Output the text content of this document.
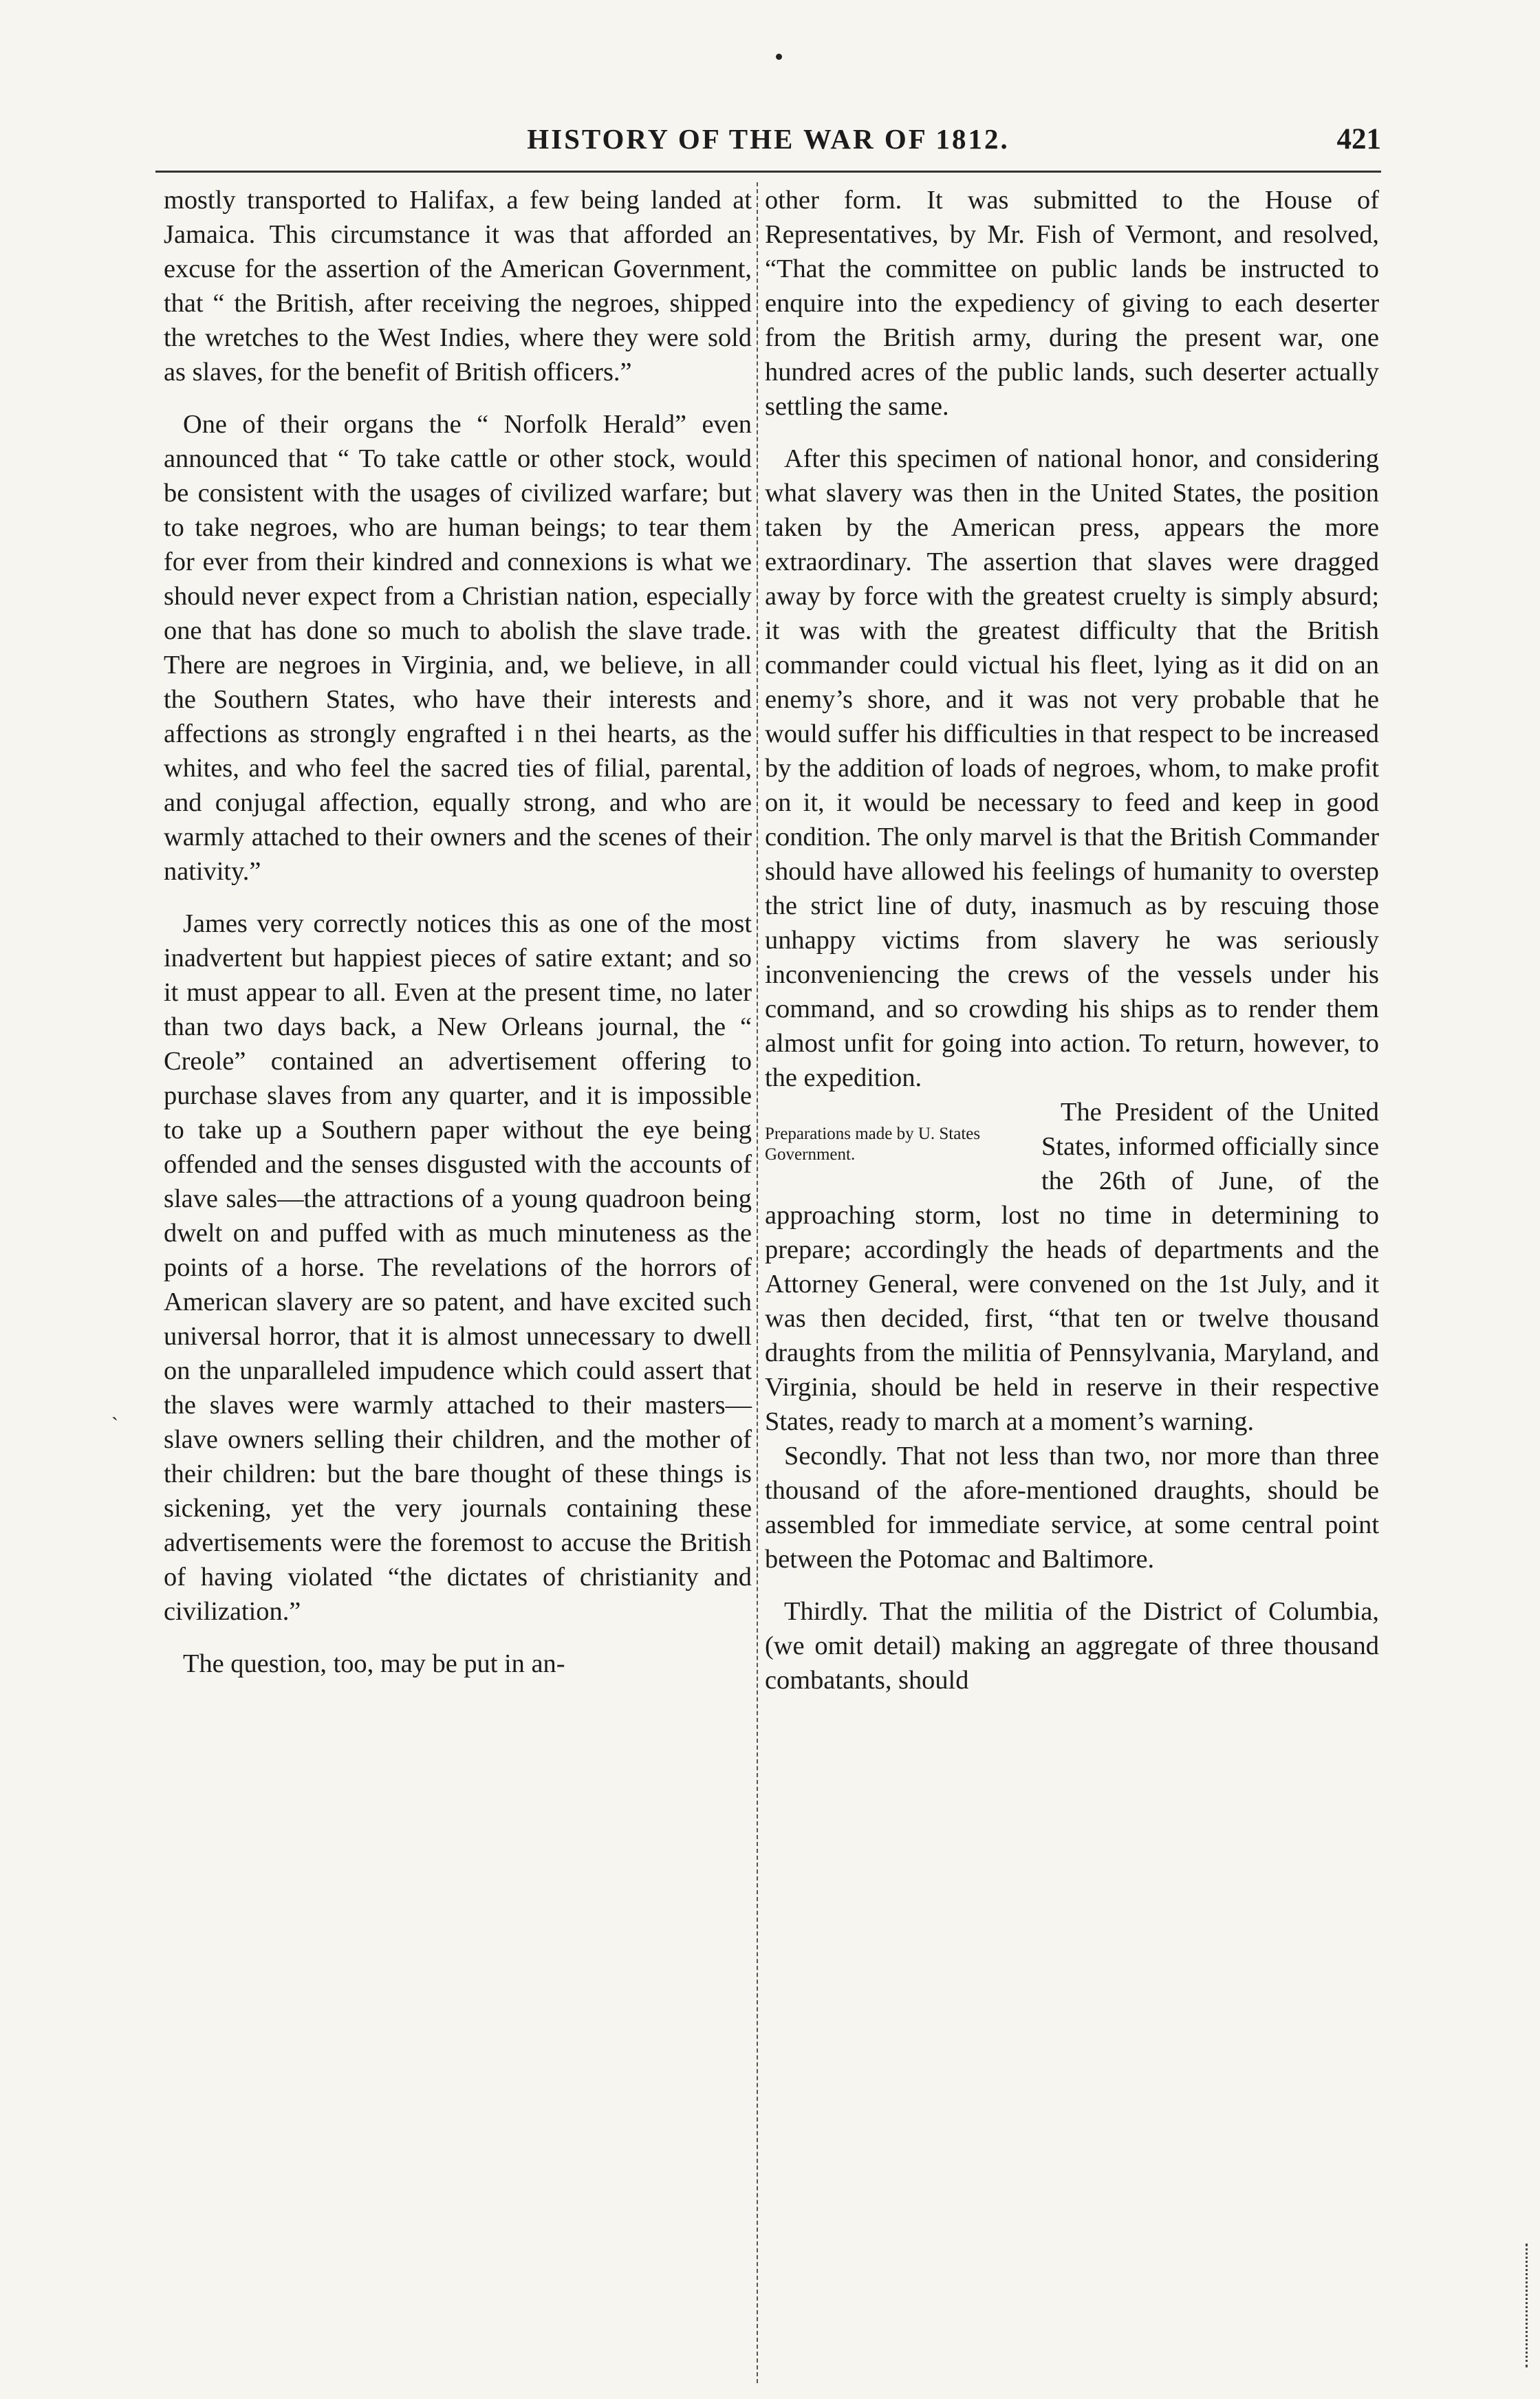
HISTORY OF THE WAR OF 1812.	421

mostly transported to Halifax, a few being landed at Jamaica. This circumstance it was that afforded an excuse for the assertion of the American Government, that “ the British, after receiving the negroes, shipped the wretches to the West Indies, where they were sold as slaves, for the benefit of British officers.”

One of their organs the “ Norfolk Herald” even announced that “ To take cattle or other stock, would be consistent with the usages of civilized warfare; but to take negroes, who are human beings; to tear them for ever from their kindred and connexions is what we should never expect from a Christian nation, especially one that has done so much to abolish the slave trade. There are negroes in Virginia, and, we believe, in all the Southern States, who have their interests and affections as strongly engrafted i n thei hearts, as the whites, and who feel the sacred ties of filial, parental, and conjugal affection, equally strong, and who are warmly attached to their owners and the scenes of their nativity.”

James very correctly notices this as one of the most inadvertent but happiest pieces of satire extant; and so it must appear to all. Even at the present time, no later than two days back, a New Orleans journal, the “ Creole” contained an advertisement offering to purchase slaves from any quarter, and it is impossible to take up a Southern paper without the eye being offended and the senses disgusted with the accounts of slave sales—the attractions of a young quadroon being dwelt on and puffed with as much minuteness as the points of a horse. The revelations of the horrors of American slavery are so patent, and have excited such universal horror, that it is almost unnecessary to dwell on the unparalleled impudence which could assert that the slaves were warmly attached to their masters—slave owners selling their children, and the mother of their children: but the bare thought of these things is sickening, yet the very journals containing these advertisements were the foremost to accuse the British of having violated “the dictates of christianity and civilization.”

The question, too, may be put in an-

other form. It was submitted to the House of Representatives, by Mr. Fish of Vermont, and resolved, “That the committee on public lands be instructed to enquire into the expediency of giving to each deserter from the British army, during the present war, one hundred acres of the public lands, such deserter actually settling the same.

After this specimen of national honor, and considering what slavery was then in the United States, the position taken by the American press, appears the more extraordinary. The assertion that slaves were dragged away by force with the greatest cruelty is simply absurd; it was with the greatest difficulty that the British commander could victual his fleet, lying as it did on an enemy’s shore, and it was not very probable that he would suffer his difficulties in that respect to be increased by the addition of loads of negroes, whom, to make profit on it, it would be necessary to feed and keep in good condition. The only marvel is that the British Commander should have allowed his feelings of humanity to overstep the strict line of duty, inasmuch as by rescuing those unhappy victims from slavery he was seriously inconveniencing the crews of the vessels under his command, and so crowding his ships as to render them almost unfit for going into action. To return, however, to the expedition.

Preparations made by U. States Government.

The President of the United States, informed officially since the 26th of June, of the approaching storm, lost no time in determining to prepare; accordingly the heads of departments and the Attorney General, were convened on the 1st July, and it was then decided, first, “that ten or twelve thousand draughts from the militia of Pennsylvania, Maryland, and Virginia, should be held in reserve in their respective States, ready to march at a moment’s warning.

Secondly. That not less than two, nor more than three thousand of the afore-mentioned draughts, should be assembled for immediate service, at some central point between the Potomac and Baltimore.

Thirdly. That the militia of the District of Columbia, (we omit detail) making an aggregate of three thousand combatants, should

`
